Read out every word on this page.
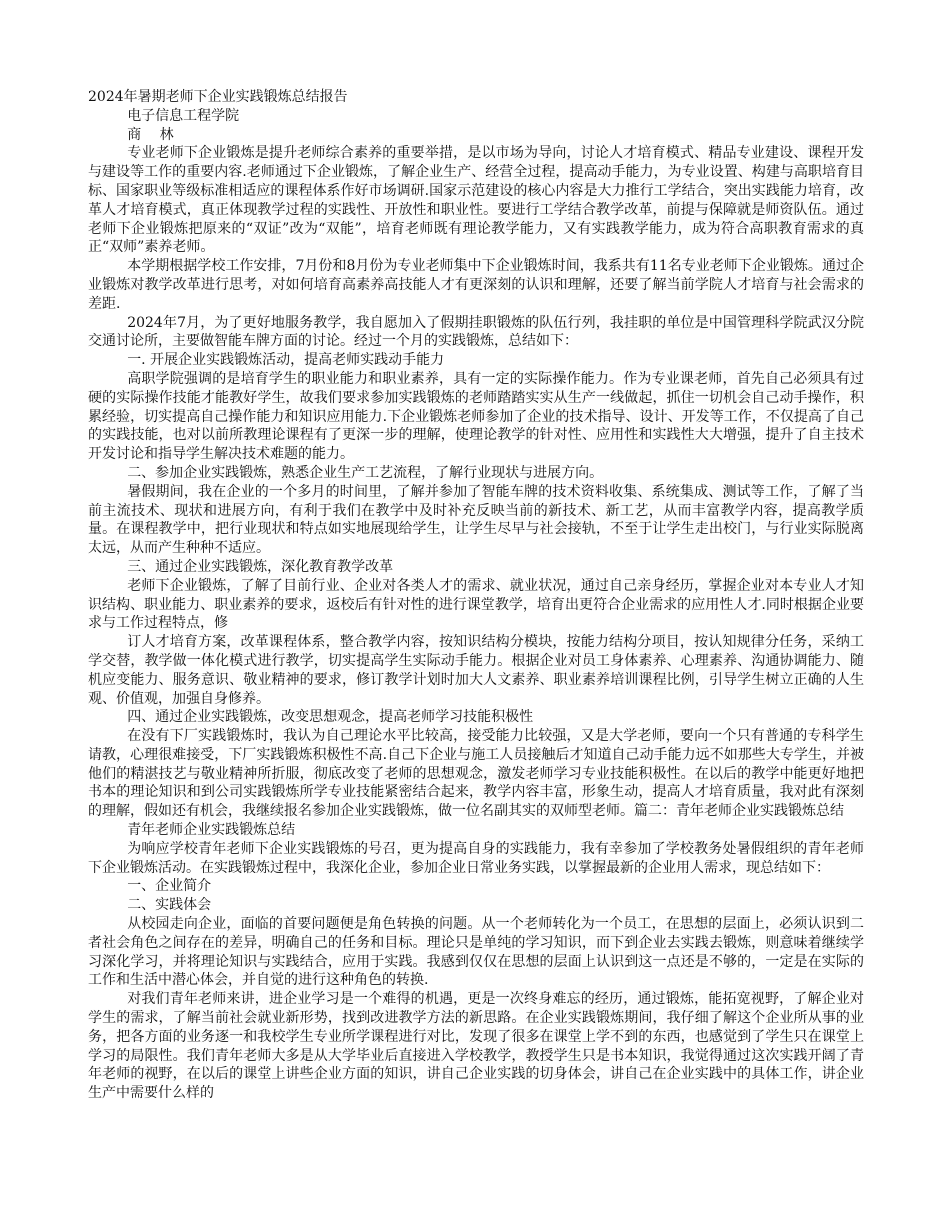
2024年暑期老师下企业实践锻炼总结报告
电子信息工程学院
商　 林

专业老师下企业锻炼是提升老师综合素养的重要举措，是以市场为导向，讨论人才培育模式、精品专业建设、课程开发与建设等工作的重要内容.老师通过下企业锻炼，了解企业生产、经营全过程，提高动手能力，为专业设置、构建与高职培育目标、国家职业等级标准相适应的课程体系作好市场调研.国家示范建设的核心内容是大力推行工学结合，突出实践能力培育，改革人才培育模式，真正体现教学过程的实践性、开放性和职业性。要进行工学结合教学改革，前提与保障就是师资队伍。通过老师下企业锻炼把原来的“双证”改为“双能”，培育老师既有理论教学能力，又有实践教学能力，成为符合高职教育需求的真正“双师”素养老师。

本学期根据学校工作安排，7月份和8月份为专业老师集中下企业锻炼时间，我系共有11名专业老师下企业锻炼。通过企业锻炼对教学改革进行思考，对如何培育高素养高技能人才有更深刻的认识和理解，还要了解当前学院人才培育与社会需求的差距.

2024年7月，为了更好地服务教学，我自愿加入了假期挂职锻炼的队伍行列，我挂职的单位是中国管理科学院武汉分院交通讨论所，主要做智能车牌方面的讨论。经过一个月的实践锻炼，总结如下：

一. 开展企业实践锻炼活动，提高老师实践动手能力

高职学院强调的是培育学生的职业能力和职业素养，具有一定的实际操作能力。作为专业课老师，首先自己必须具有过硬的实际操作技能才能教好学生，故我们要求参加实践锻炼的老师踏踏实实从生产一线做起，抓住一切机会自己动手操作，积累经验，切实提高自己操作能力和知识应用能力.下企业锻炼老师参加了企业的技术指导、设计、开发等工作，不仅提高了自己的实践技能，也对以前所教理论课程有了更深一步的理解，使理论教学的针对性、应用性和实践性大大增强，提升了自主技术开发讨论和指导学生解决技术难题的能力。

二、参加企业实践锻炼，熟悉企业生产工艺流程，了解行业现状与进展方向。

暑假期间，我在企业的一个多月的时间里，了解并参加了智能车牌的技术资料收集、系统集成、测试等工作，了解了当前主流技术、现状和进展方向，有利于我们在教学中及时补充反映当前的新技术、新工艺，从而丰富教学内容，提高教学质量。在课程教学中，把行业现状和特点如实地展现给学生，让学生尽早与社会接轨，不至于让学生走出校门，与行业实际脱离太远，从而产生种种不适应。

三、通过企业实践锻炼，深化教育教学改革

老师下企业锻炼，了解了目前行业、企业对各类人才的需求、就业状况，通过自己亲身经历，掌握企业对本专业人才知识结构、职业能力、职业素养的要求，返校后有针对性的进行课堂教学，培育出更符合企业需求的应用性人才.同时根据企业要求与工作过程特点，修

订人才培育方案，改革课程体系，整合教学内容，按知识结构分模块，按能力结构分项目，按认知规律分任务，采纳工学交替，教学做一体化模式进行教学，切实提高学生实际动手能力。根据企业对员工身体素养、心理素养、沟通协调能力、随机应变能力、服务意识、敬业精神的要求，修订教学计划时加大人文素养、职业素养培训课程比例，引导学生树立正确的人生观、价值观，加强自身修养。

四、通过企业实践锻炼，改变思想观念，提高老师学习技能积极性

在没有下厂实践锻炼时，我认为自己理论水平比较高，接受能力比较强，又是大学老师，要向一个只有普通的专科学生请教，心理很难接受，下厂实践锻炼积极性不高.自己下企业与施工人员接触后才知道自己动手能力远不如那些大专学生，并被他们的精湛技艺与敬业精神所折服，彻底改变了老师的思想观念，激发老师学习专业技能积极性。在以后的教学中能更好地把书本的理论知识和到公司实践锻炼所学专业技能紧密结合起来，教学内容丰富，形象生动，提高人才培育质量，我对此有深刻的理解，假如还有机会，我继续报名参加企业实践锻炼，做一位名副其实的双师型老师。篇二：青年老师企业实践锻炼总结

青年老师企业实践锻炼总结

为响应学校青年老师下企业实践锻炼的号召，更为提高自身的实践能力，我有幸参加了学校教务处暑假组织的青年老师下企业锻炼活动。在实践锻炼过程中，我深化企业，参加企业日常业务实践，以掌握最新的企业用人需求，现总结如下：

一、企业简介

二、实践体会

从校园走向企业，面临的首要问题便是角色转换的问题。从一个老师转化为一个员工，在思想的层面上，必须认识到二者社会角色之间存在的差异，明确自己的任务和目标。理论只是单纯的学习知识，而下到企业去实践去锻炼，则意味着继续学习深化学习，并将理论知识与实践结合，应用于实践。我感到仅仅在思想的层面上认识到这一点还是不够的，一定是在实际的工作和生活中潜心体会，并自觉的进行这种角色的转换.

对我们青年老师来讲，进企业学习是一个难得的机遇，更是一次终身难忘的经历，通过锻炼，能拓宽视野，了解企业对学生的需求，了解当前社会就业新形势，找到改进教学方法的新思路。在企业实践锻炼期间，我仔细了解这个企业所从事的业务，把各方面的业务逐一和我校学生专业所学课程进行对比，发现了很多在课堂上学不到的东西，也感觉到了学生只在课堂上学习的局限性。我们青年老师大多是从大学毕业后直接进入学校教学，教授学生只是书本知识，我觉得通过这次实践开阔了青年老师的视野，在以后的课堂上讲些企业方面的知识，讲自己企业实践的切身体会，讲自己在企业实践中的具体工作，讲企业生产中需要什么样的
